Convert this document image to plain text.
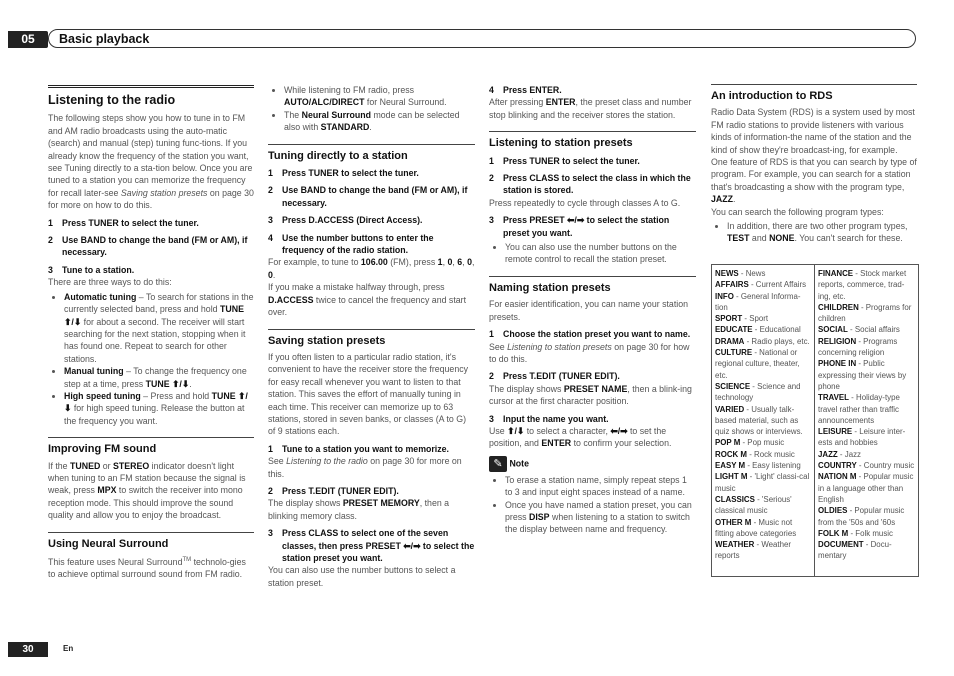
05	Basic playback
Listening to the radio

The following steps show you how to tune in to FM and AM radio broadcasts using the auto-matic (search) and manual (step) tuning func-tions. If you already know the frequency of the station you want, see Tuning directly to a sta-tion below. Once you are tuned to a station you can memorize the frequency for recall later-see Saving station presets on page 30 for more on how to do this.

1 Press TUNER to select the tuner.

2	Use BAND to change the band (FM or AM), if necessary.

3 Tune to a station.

There are three ways to do this:

• Automatic tuning – To search for stations in the currently selected band, press and hold TUNE ⬆/⬇ for about a second. The receiver will start searching for the next station, stopping when it has found one. Repeat to search for other stations.
• Manual tuning – To change the frequency one step at a time, press TUNE ⬆/⬇.
• High speed tuning – Press and hold TUNE ⬆/⬇ for high speed tuning. Release the button at the frequency you want.
Improving FM sound

If the TUNED or STEREO indicator doesn't light when tuning to an FM station because the signal is weak, press MPX to switch the receiver into mono reception mode. This should improve the sound quality and allow you to enjoy the broadcast.

Using Neural Surround

This feature uses Neural Surround™ technolo-gies to achieve optimal surround sound from FM radio.

• While listening to FM radio, press AUTO/ALC/DIRECT for Neural Surround.
• The Neural Surround mode can be selected also with STANDARD.
Tuning directly to a station

1 Press TUNER to select the tuner.

2	Use BAND to change the band (FM or AM), if necessary.

3 Press D.ACCESS (Direct Access).

4	Use the number buttons to enter the frequency of the radio station.

For example, to tune to 106.00 (FM), press 1, 0, 6, 0, 0.
If you make a mistake halfway through, press D.ACCESS twice to cancel the frequency and start over.

Saving station presets

If you often listen to a particular radio station, it's convenient to have the receiver store the frequency for easy recall whenever you want to listen to that station. This saves the effort of manually tuning in each time. This receiver can memorize up to 63 stations, stored in seven banks, or classes (A to G) of 9 stations each.

1	Tune to a station you want to memorize.

See Listening to the radio on page 30 for more on this.

2 Press T.EDIT (TUNER EDIT).

The display shows PRESET MEMORY, then a blinking memory class.

3	Press CLASS to select one of the seven classes, then press PRESET ⬅/➡ to select the station preset you want.

You can also use the number buttons to select a station preset.

4 Press ENTER.

After pressing ENTER, the preset class and number stop blinking and the receiver stores the station.

Listening to station presets

1 Press TUNER to select the tuner.

2	Press CLASS to select the class in which the station is stored.

Press repeatedly to cycle through classes A to G.

3	Press PRESET ⬅/➡ to select the station preset you want.

• You can also use the number buttons on the remote control to recall the station preset.
Naming station presets

For easier identification, you can name your station presets.

1	Choose the station preset you want to name.

See Listening to station presets on page 30 for how to do this.

2 Press T.EDIT (TUNER EDIT).

The display shows PRESET NAME, then a blink-ing cursor at the first character position.

3 Input the name you want.

Use ⬆/⬇ to select a character, ⬅/➡ to set the position, and ENTER to confirm your selection.

✎ Note

• To erase a station name, simply repeat steps 1 to 3 and input eight spaces instead of a name.
• Once you have named a station preset, you can press DISP when listening to a station to switch the display between name and frequency.
An introduction to RDS

Radio Data System (RDS) is a system used by most FM radio stations to provide listeners with various kinds of information-the name of the station and the kind of show they're broadcast-ing, for example.

One feature of RDS is that you can search by type of program. For example, you can search for a station that's broadcasting a show with the program type, JAZZ.

You can search the following program types:

• In addition, there are two other program types, TEST and NONE. You can't search for these.
NEWS - News
AFFAIRS - Current Affairs
INFO - General Informa-tion
SPORT - Sport
EDUCATE - Educational
DRAMA - Radio plays, etc.
CULTURE - National or regional culture, theater, etc.
SCIENCE - Science and technology
VARIED - Usually talk-based material, such as quiz shows or interviews.
POP M - Pop music
ROCK M - Rock music
EASY M - Easy listening
LIGHT M - 'Light' classi-cal music
CLASSICS - 'Serious' classical music
OTHER M - Music not fitting above categories
WEATHER - Weather reports
FINANCE - Stock market reports, commerce, trad-ing, etc.
CHILDREN - Programs for children
SOCIAL - Social affairs
RELIGION - Programs concerning religion
PHONE IN - Public expressing their views by phone
TRAVEL - Holiday-type travel rather than traffic announcements
LEISURE - Leisure inter-ests and hobbies
JAZZ - Jazz
COUNTRY - Country music
NATION M - Popular music in a language other than English
OLDIES - Popular music from the '50s and '60s
FOLK M - Folk music
DOCUMENT - Docu-mentary
30	En
